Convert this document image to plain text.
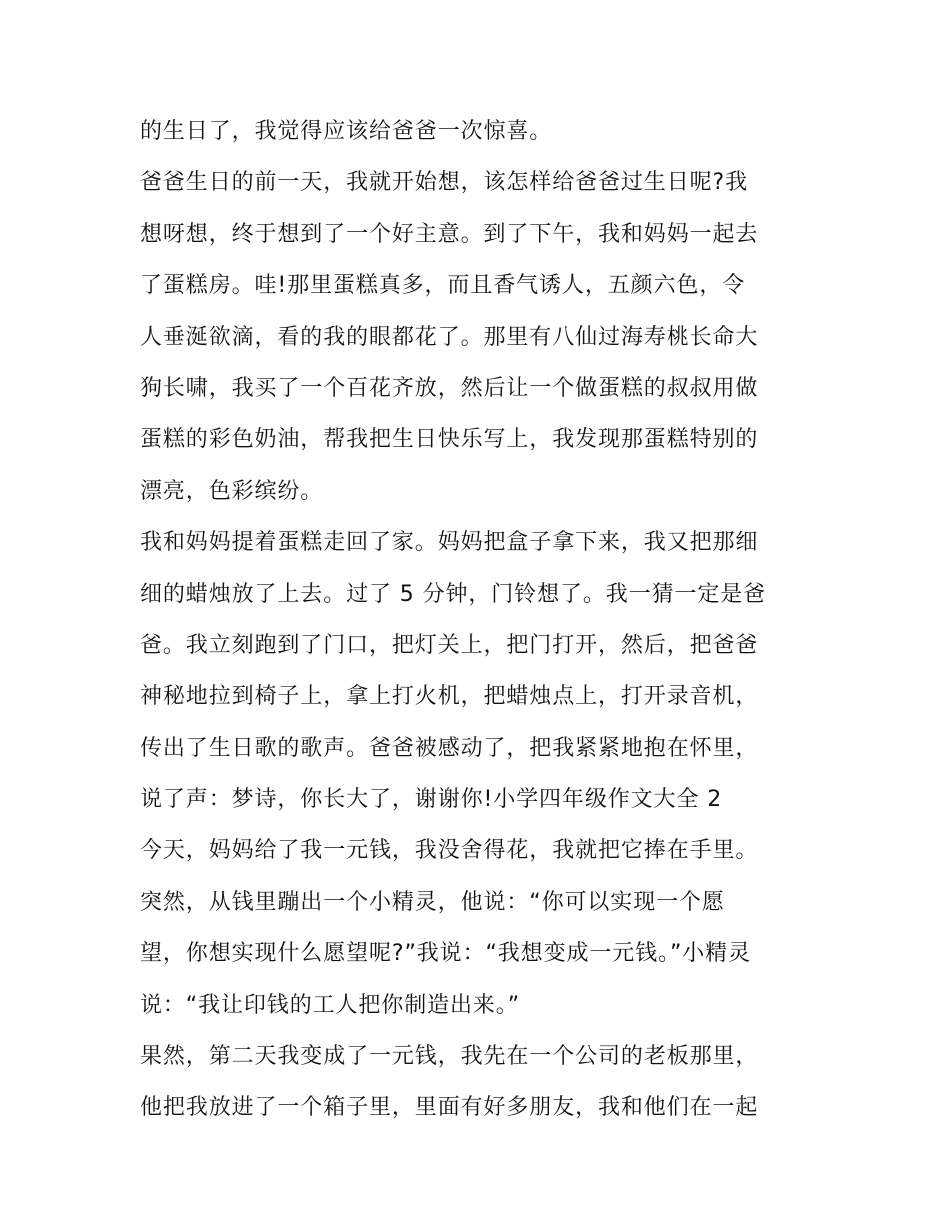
的生日了，我觉得应该给爸爸一次惊喜。
爸爸生日的前一天，我就开始想，该怎样给爸爸过生日呢?我
想呀想，终于想到了一个好主意。到了下午，我和妈妈一起去
了蛋糕房。哇!那里蛋糕真多，而且香气诱人，五颜六色，令
人垂涎欲滴，看的我的眼都花了。那里有八仙过海寿桃长命大
狗长啸，我买了一个百花齐放，然后让一个做蛋糕的叔叔用做
蛋糕的彩色奶油，帮我把生日快乐写上，我发现那蛋糕特别的
漂亮，色彩缤纷。
我和妈妈提着蛋糕走回了家。妈妈把盒子拿下来，我又把那细
细的蜡烛放了上去。过了 5 分钟，门铃想了。我一猜一定是爸
爸。我立刻跑到了门口，把灯关上，把门打开，然后，把爸爸
神秘地拉到椅子上，拿上打火机，把蜡烛点上，打开录音机，
传出了生日歌的歌声。爸爸被感动了，把我紧紧地抱在怀里，
说了声：梦诗，你长大了，谢谢你!小学四年级作文大全 2
今天，妈妈给了我一元钱，我没舍得花，我就把它捧在手里。
突然，从钱里蹦出一个小精灵，他说：“你可以实现一个愿
望，你想实现什么愿望呢?”我说：“我想变成一元钱。”小精灵
说：“我让印钱的工人把你制造出来。”
果然，第二天我变成了一元钱，我先在一个公司的老板那里，
他把我放进了一个箱子里，里面有好多朋友，我和他们在一起
